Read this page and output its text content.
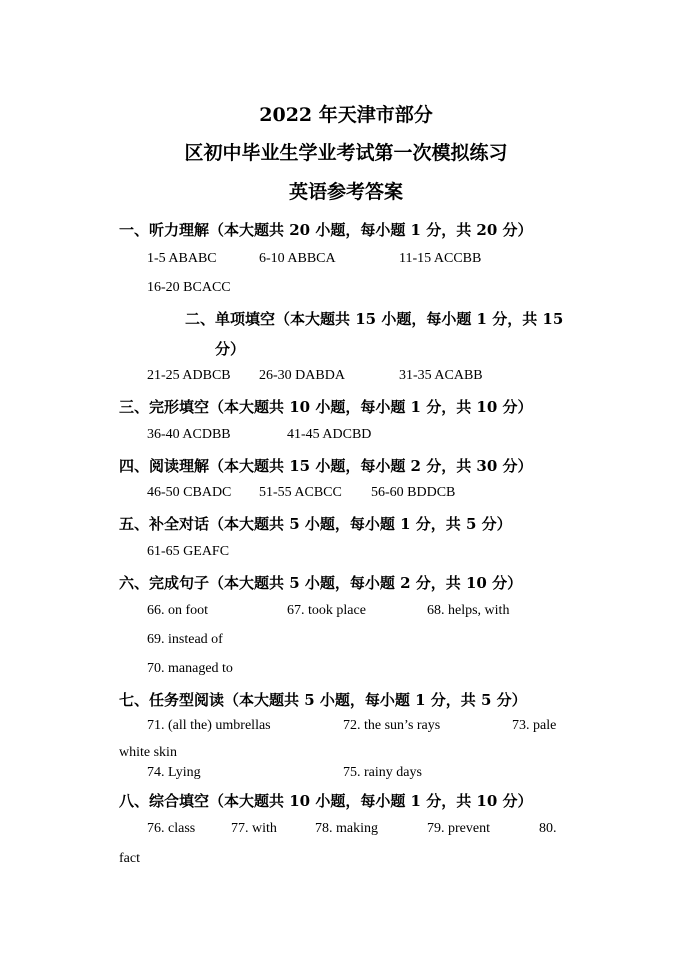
2022 年天津市部分
区初中毕业生学业考试第一次模拟练习
英语参考答案
一、听力理解（本大题共 20 小题，每小题 1 分，共 20 分）
1-5 ABABC	6-10 ABBCA	11-15 ACCBB
16-20 BCACC
二、单项填空（本大题共 15 小题，每小题 1 分，共 15
分）
21-25 ADBCB 26-30 DABDA	31-35 ACABB
三、完形填空（本大题共 10 小题，每小题 1 分，共 10 分）
36-40 ACDBB	41-45 ADCBD
四、阅读理解（本大题共 15 小题，每小题 2 分，共 30 分）
46-50 CBADC 51-55 ACBCC 56-60 BDDCB
五、补全对话（本大题共 5 小题，每小题 1 分，共 5 分）
61-65 GEAFC
六、完成句子（本大题共 5 小题，每小题 2 分，共 10 分）
66. on foot	67. took place	68. helps, with
69. instead of
70. managed to
七、任务型阅读（本大题共 5 小题，每小题 1 分，共 5 分）
71. (all the) umbrellas	72. the sun’s rays	73. pale
white skin
74. Lying	75. rainy days
八、综合填空（本大题共 10 小题，每小题 1 分，共 10 分）
76. class	77. with	78. making	79. prevent	80.
fact
